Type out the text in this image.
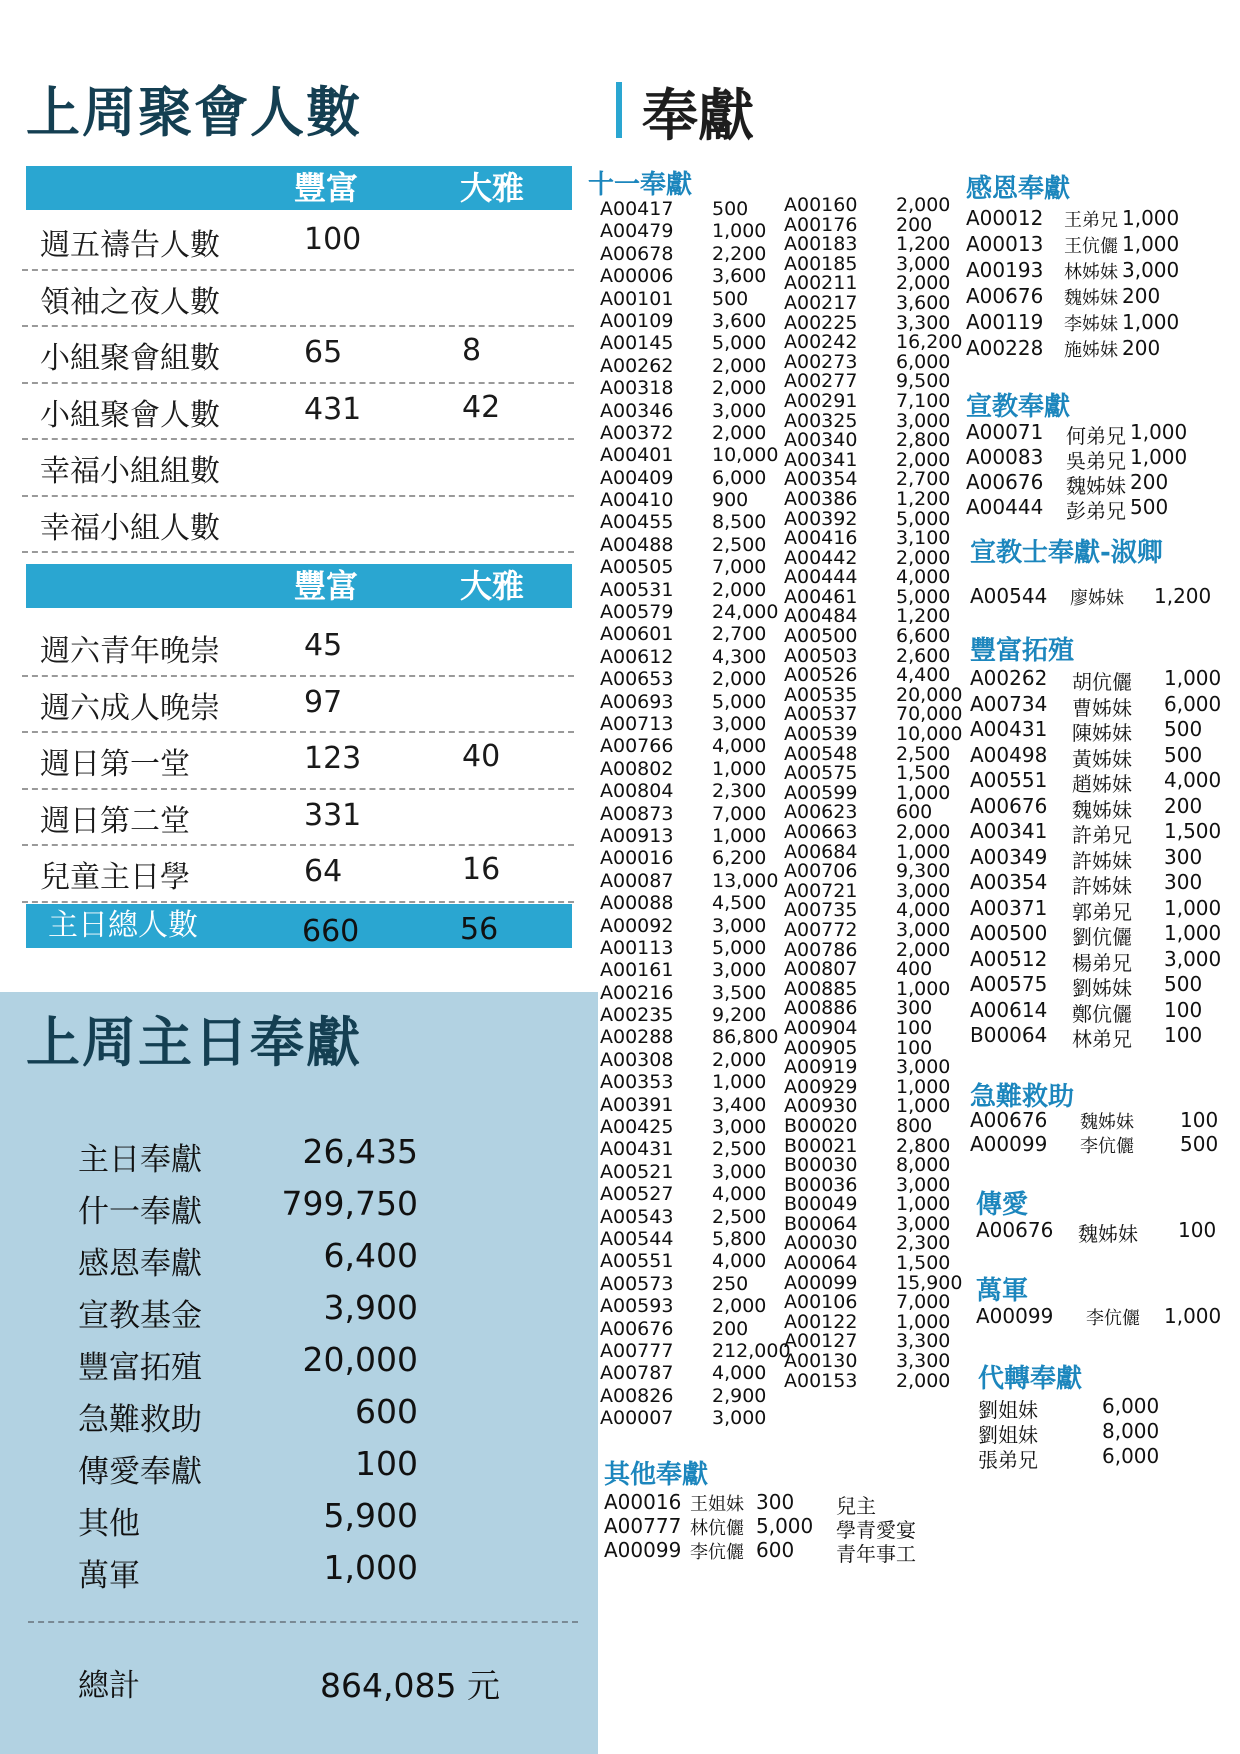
上周聚會人數
豐富	大雅
週五禱告人數	100
領袖之夜人數
小組聚會組數	65	8
小組聚會人數	431	42
幸福小組組數
幸福小組人數
豐富	大雅
週六青年晚崇	45
週六成人晚崇	97
週日第一堂	123	40
週日第二堂	331
兒童主日學	64	16
主日總人數	660	56
上周主日奉獻
主日奉獻	26,435
什一奉獻 799,750
感恩奉獻	6,400
宣教基金	3,900
豐富拓殖	20,000
急難救助	600
傳愛奉獻	100
其他	5,900
萬軍	1,000
總計	864,085 元
奉獻
十一奉獻
A00417 500
A00479 1,000
A00678 2,200
A00006 3,600
A00101 500
A00109 3,600
A00145 5,000
A00262 2,000
A00318 2,000
A00346 3,000
A00372 2,000
A00401 10,000
A00409 6,000
A00410 900
A00455 8,500
A00488 2,500
A00505 7,000
A00531 2,000
A00579 24,000
A00601 2,700
A00612 4,300
A00653 2,000
A00693 5,000
A00713 3,000
A00766 4,000
A00802 1,000
A00804 2,300
A00873 7,000
A00913 1,000
A00016 6,200
A00087 13,000
A00088 4,500
A00092 3,000
A00113 5,000
A00161 3,000
A00216 3,500
A00235 9,200
A00288 86,800
A00308 2,000
A00353 1,000
A00391 3,400
A00425 3,000
A00431 2,500
A00521 3,000
A00527 4,000
A00543 2,500
A00544 5,800
A00551 4,000
A00573 250
A00593 2,000
A00676 200
A00777 212,000
A00787 4,000
A00826 2,900
A00007 3,000
A00160 2,000
A00176 200
A00183 1,200
A00185 3,000
A00211 2,000
A00217 3,600
A00225 3,300
A00242 16,200
A00273 6,000
A00277 9,500
A00291 7,100
A00325 3,000
A00340 2,800
A00341 2,000
A00354 2,700
A00386 1,200
A00392 5,000
A00416 3,100
A00442 2,000
A00444 4,000
A00461 5,000
A00484 1,200
A00500 6,600
A00503 2,600
A00526 4,400
A00535 20,000
A00537 70,000
A00539 10,000
A00548 2,500
A00575 1,500
A00599 1,000
A00623 600
A00663 2,000
A00684 1,000
A00706 9,300
A00721 3,000
A00735 4,000
A00772 3,000
A00786 2,000
A00807 400
A00885 1,000
A00886 300
A00904 100
A00905 100
A00919 3,000
A00929 1,000
A00930 1,000
B00020 800
B00021 2,800
B00030 8,000
B00036 3,000
B00049 1,000
B00064 3,000
A00030 2,300
A00064 1,500
A00099 15,900
A00106 7,000
A00122 1,000
A00127 3,300
A00130 3,300
A00153 2,000
其他奉獻
A00016 王姐妹 300 兒主
A00777 林伉儷 5,000 學青愛宴
A00099 李伉儷 600 青年事工
感恩奉獻
A00012 王弟兄 1,000
A00013 王伉儷 1,000
A00193 林姊妹 3,000
A00676 魏姊妹 200
A00119 李姊妹 1,000
A00228 施姊妹 200
宣教奉獻
A00071 何弟兄 1,000
A00083 吳弟兄 1,000
A00676 魏姊妹 200
A00444 彭弟兄 500
宣教士奉獻-淑卿
A00544 廖姊妹 1,200
豐富拓殖
A00262 胡伉儷 1,000
A00734 曹姊妹 6,000
A00431 陳姊妹 500
A00498 黃姊妹 500
A00551 趙姊妹 4,000
A00676 魏姊妹 200
A00341 許弟兄 1,500
A00349 許姊妹 300
A00354 許姊妹 300
A00371 郭弟兄 1,000
A00500 劉伉儷 1,000
A00512 楊弟兄 3,000
A00575 劉姊妹 500
A00614 鄭伉儷 100
B00064 林弟兄 100
急難救助
A00676 魏姊妹 100
A00099 李伉儷 500
傳愛
A00676 魏姊妹 100
萬軍
A00099 李伉儷 1,000
代轉奉獻
劉姐妹	6,000
劉姐妹	8,000
張弟兄	6,000
